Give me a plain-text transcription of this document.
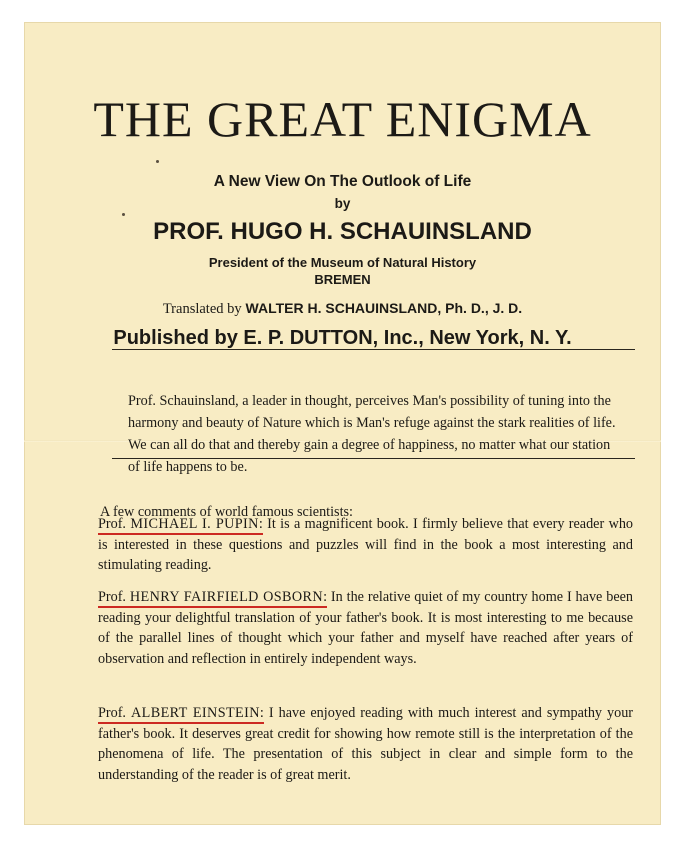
THE GREAT ENIGMA
A New View On The Outlook of Life
by
PROF. HUGO H. SCHAUINSLAND
President of the Museum of Natural History
BREMEN
Translated by WALTER H. SCHAUINSLAND, Ph. D., J. D.
Published by E. P. DUTTON, Inc., New York, N. Y.
Prof. Schauinsland, a leader in thought, perceives Man's possibility of tuning into the harmony and beauty of Nature which is Man's refuge against the stark realities of life. We can all do that and thereby gain a degree of happiness, no matter what our station of life happens to be.
A few comments of world famous scientists:
Prof. MICHAEL I. PUPIN: It is a magnificent book. I firmly believe that every reader who is interested in these questions and puzzles will find in the book a most interesting and stimulating reading.
Prof. HENRY FAIRFIELD OSBORN: In the relative quiet of my country home I have been reading your delightful translation of your father's book. It is most interesting to me because of the parallel lines of thought which your father and myself have reached after years of observation and reflection in entirely independent ways.
Prof. ALBERT EINSTEIN: I have enjoyed reading with much interest and sympathy your father's book. It deserves great credit for showing how remote still is the interpretation of the phenomena of life. The presentation of this subject in clear and simple form to the understanding of the reader is of great merit.
